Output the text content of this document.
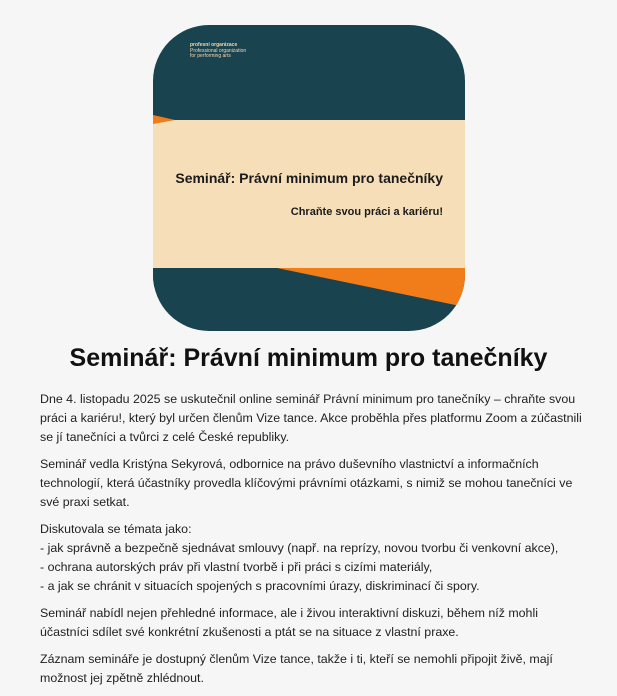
profesní organizace
Professional organization
for performing arts
Seminář: Právní minimum pro tanečníky
Chraňte svou práci a kariéru!
Seminář: Právní minimum pro tanečníky

Dne 4. listopadu 2025 se uskutečnil online seminář Právní minimum pro tanečníky – chraňte svou práci a kariéru!, který byl určen členům Vize tance. Akce proběhla přes platformu Zoom a zúčastnili se jí tanečníci a tvůrci z celé České republiky.

Seminář vedla Kristýna Sekyrová, odbornice na právo duševního vlastnictví a informačních technologií, která účastníky provedla klíčovými právními otázkami, s nimiž se mohou tanečníci ve své praxi setkat.

Diskutovala se témata jako:
- jak správně a bezpečně sjednávat smlouvy (např. na reprízy, novou tvorbu či venkovní akce),
- ochrana autorských práv při vlastní tvorbě i při práci s cizími materiály,
- a jak se chránit v situacích spojených s pracovními úrazy, diskriminací či spory.

Seminář nabídl nejen přehledné informace, ale i živou interaktivní diskuzi, během níž mohli účastníci sdílet své konkrétní zkušenosti a ptát se na situace z vlastní praxe.

Záznam semináře je dostupný členům Vize tance, takže i ti, kteří se nemohli připojit živě, mají možnost jej zpětně zhlédnout.
